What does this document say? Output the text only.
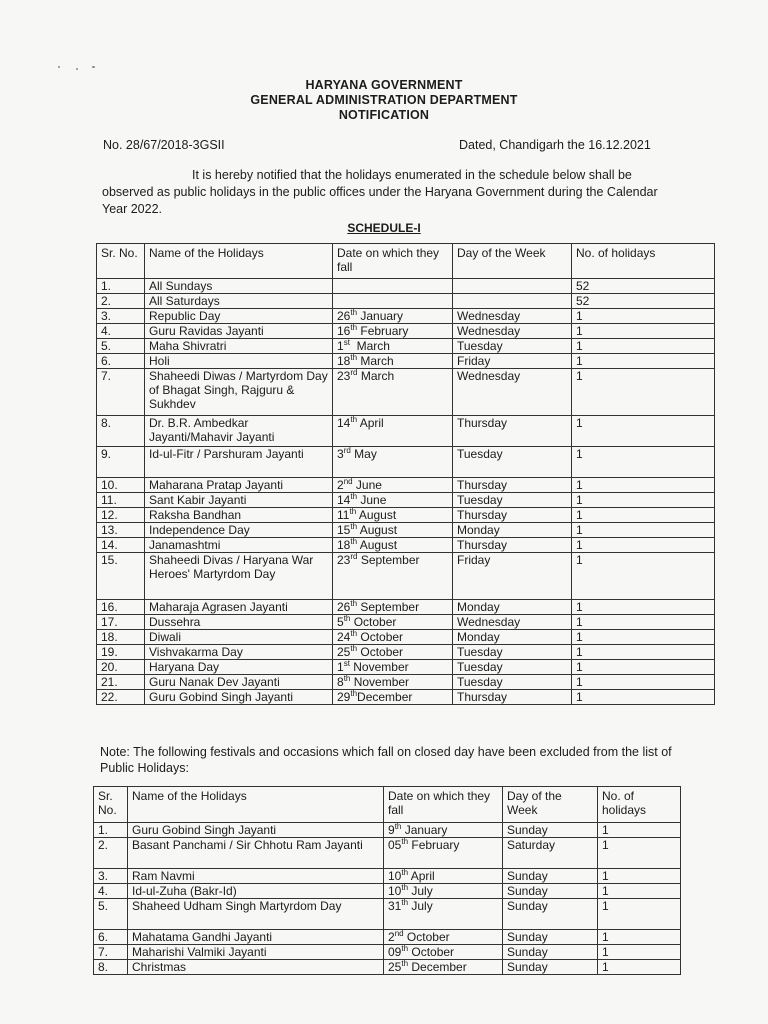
HARYANA GOVERNMENT
GENERAL ADMINISTRATION DEPARTMENT
NOTIFICATION
No. 28/67/2018-3GSII	Dated, Chandigarh the 16.12.2021
It is hereby notified that the holidays enumerated in the schedule below shall be observed as public holidays in the public offices under the Haryana Government during the Calendar Year 2022.
SCHEDULE-I
Sr. No.	Name of the Holidays	Date on which they fall	Day of the Week	No. of holidays
1.	All Sundays			52
2.	All Saturdays			52
3.	Republic Day	26th January	Wednesday	1
4.	Guru Ravidas Jayanti	16th February	Wednesday	1
5.	Maha Shivratri	1st  March	Tuesday	1
6.	Holi	18th March	Friday	1
7.	Shaheedi Diwas / Martyrdom Day of Bhagat Singh, Rajguru & Sukhdev	23rd March	Wednesday	1
8.	Dr. B.R. Ambedkar Jayanti/Mahavir Jayanti	14th April	Thursday	1
9.	Id-ul-Fitr / Parshuram Jayanti	3rd May	Tuesday	1
10.	Maharana Pratap Jayanti	2nd June	Thursday	1
11.	Sant Kabir Jayanti	14th June	Tuesday	1
12.	Raksha Bandhan	11th August	Thursday	1
13.	Independence Day	15th August	Monday	1
14.	Janamashtmi	18th August	Thursday	1
15.	Shaheedi Divas / Haryana War Heroes' Martyrdom Day	23rd September	Friday	1
16.	Maharaja Agrasen Jayanti	26th September	Monday	1
17.	Dussehra	5th October	Wednesday	1
18.	Diwali	24th October	Monday	1
19.	Vishvakarma Day	25th October	Tuesday	1
20.	Haryana Day	1st November	Tuesday	1
21.	Guru Nanak Dev Jayanti	8th November	Tuesday	1
22.	Guru Gobind Singh Jayanti	29thDecember	Thursday	1
Note: The following festivals and occasions which fall on closed day have been excluded from the list of Public Holidays:
Sr. No.	Name of the Holidays	Date on which they fall	Day of the Week	No. of holidays
1.	Guru Gobind Singh Jayanti	9th January	Sunday	1
2.	Basant Panchami / Sir Chhotu Ram Jayanti	05th February	Saturday	1
3.	Ram Navmi	10th April	Sunday	1
4.	Id-ul-Zuha (Bakr-Id)	10th July	Sunday	1
5.	Shaheed Udham Singh Martyrdom Day	31th July	Sunday	1
6.	Mahatama Gandhi Jayanti	2nd October	Sunday	1
7.	Maharishi Valmiki Jayanti	09th October	Sunday	1
8.	Christmas	25th December	Sunday	1
